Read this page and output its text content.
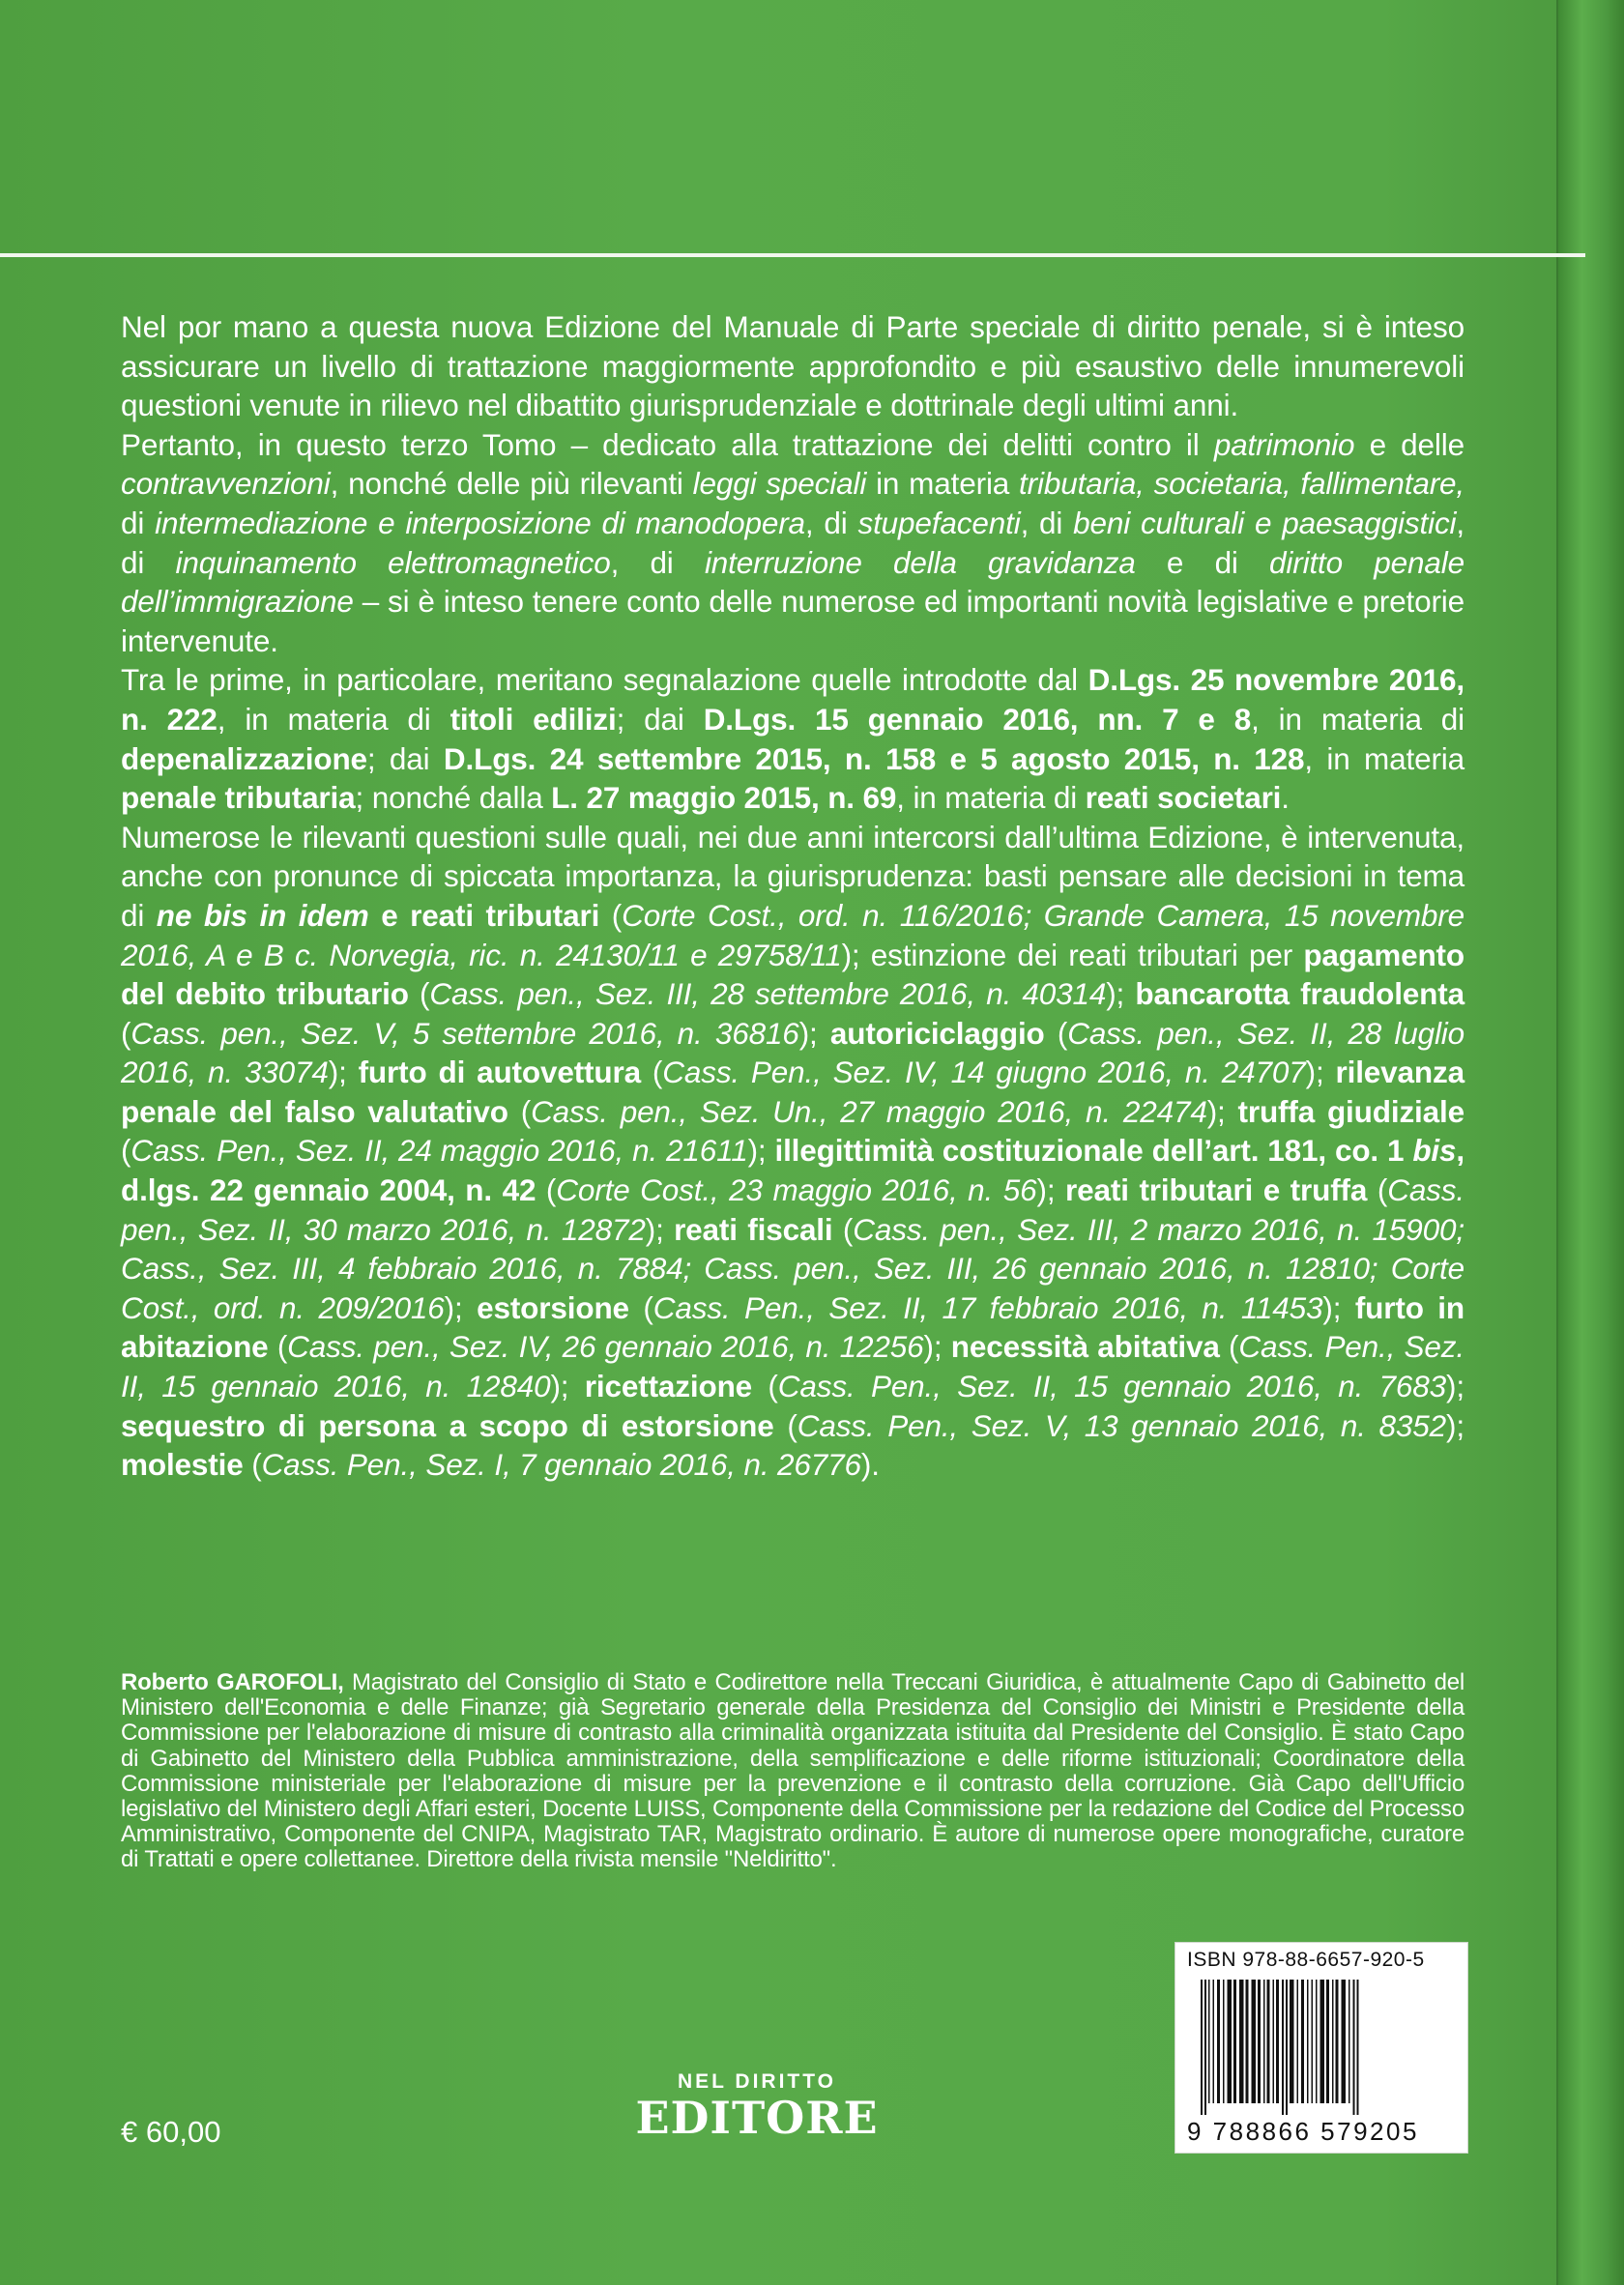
Nel por mano a questa nuova Edizione del Manuale di Parte speciale di diritto penale, si è inteso assicurare un livello di trattazione maggiormente approfondito e più esaustivo delle innumerevoli questioni venute in rilievo nel dibattito giurisprudenziale e dottrinale degli ultimi anni.

Pertanto, in questo terzo Tomo – dedicato alla trattazione dei delitti contro il patrimonio e delle contravvenzioni, nonché delle più rilevanti leggi speciali in materia tributaria, societaria, fallimentare, di intermediazione e interposizione di manodopera, di stupefacenti, di beni culturali e paesaggistici, di inquinamento elettromagnetico, di interruzione della gravidanza e di diritto penale dell’immigrazione – si è inteso tenere conto delle numerose ed importanti novità legislative e pretorie intervenute.

Tra le prime, in particolare, meritano segnalazione quelle introdotte dal D.Lgs. 25 novembre 2016, n. 222, in materia di titoli edilizi; dai D.Lgs. 15 gennaio 2016, nn. 7 e 8, in materia di depenalizzazione; dai D.Lgs. 24 settembre 2015, n. 158 e 5 agosto 2015, n. 128, in materia penale tributaria; nonché dalla L. 27 maggio 2015, n. 69, in materia di reati societari.

Numerose le rilevanti questioni sulle quali, nei due anni intercorsi dall’ultima Edizione, è intervenuta, anche con pronunce di spiccata importanza, la giurisprudenza: basti pensare alle decisioni in tema di ne bis in idem e reati tributari (Corte Cost., ord. n. 116/2016; Grande Camera, 15 novembre 2016, A e B c. Norvegia, ric. n. 24130/11 e 29758/11); estinzione dei reati tributari per pagamento del debito tributario (Cass. pen., Sez. III, 28 settembre 2016, n. 40314); bancarotta fraudolenta (Cass. pen., Sez. V, 5 settembre 2016, n. 36816); autoriciclaggio (Cass. pen., Sez. II, 28 luglio 2016, n. 33074); furto di autovettura (Cass. Pen., Sez. IV, 14 giugno 2016, n. 24707); rilevanza penale del falso valutativo (Cass. pen., Sez. Un., 27 maggio 2016, n. 22474); truffa giudiziale (Cass. Pen., Sez. II, 24 maggio 2016, n. 21611); illegittimità costituzionale dell’art. 181, co. 1 bis, d.lgs. 22 gennaio 2004, n. 42 (Corte Cost., 23 maggio 2016, n. 56); reati tributari e truffa (Cass. pen., Sez. II, 30 marzo 2016, n. 12872); reati fiscali (Cass. pen., Sez. III, 2 marzo 2016, n. 15900; Cass., Sez. III, 4 febbraio 2016, n. 7884; Cass. pen., Sez. III, 26 gennaio 2016, n. 12810; Corte Cost., ord. n. 209/2016); estorsione (Cass. Pen., Sez. II, 17 febbraio 2016, n. 11453); furto in abitazione (Cass. pen., Sez. IV, 26 gennaio 2016, n. 12256); necessità abitativa (Cass. Pen., Sez. II, 15 gennaio 2016, n. 12840); ricettazione (Cass. Pen., Sez. II, 15 gennaio 2016, n. 7683); sequestro di persona a scopo di estorsione (Cass. Pen., Sez. V, 13 gennaio 2016, n. 8352); molestie (Cass. Pen., Sez. I, 7 gennaio 2016, n. 26776).

Roberto GAROFOLI, Magistrato del Consiglio di Stato e Codirettore nella Treccani Giuridica, è attualmente Capo di Gabinetto del Ministero dell'Economia e delle Finanze; già Segretario generale della Presidenza del Consiglio dei Ministri e Presidente della Commissione per l'elaborazione di misure di contrasto alla criminalità organizzata istituita dal Presidente del Consiglio. È stato Capo di Gabinetto del Ministero della Pubblica amministrazione, della semplificazione e delle riforme istituzionali; Coordinatore della Commissione ministeriale per l'elaborazione di misure per la prevenzione e il contrasto della corruzione. Già Capo dell'Ufficio legislativo del Ministero degli Affari esteri, Docente LUISS, Componente della Commissione per la redazione del Codice del Processo Amministrativo, Componente del CNIPA, Magistrato TAR, Magistrato ordinario. È autore di numerose opere monografiche, curatore di Trattati e opere collettanee. Direttore della rivista mensile "Neldiritto".
€ 60,00
NEL DIRITTO
EDITORE
ISBN 978-88-6657-920-5
9 788866 579205
